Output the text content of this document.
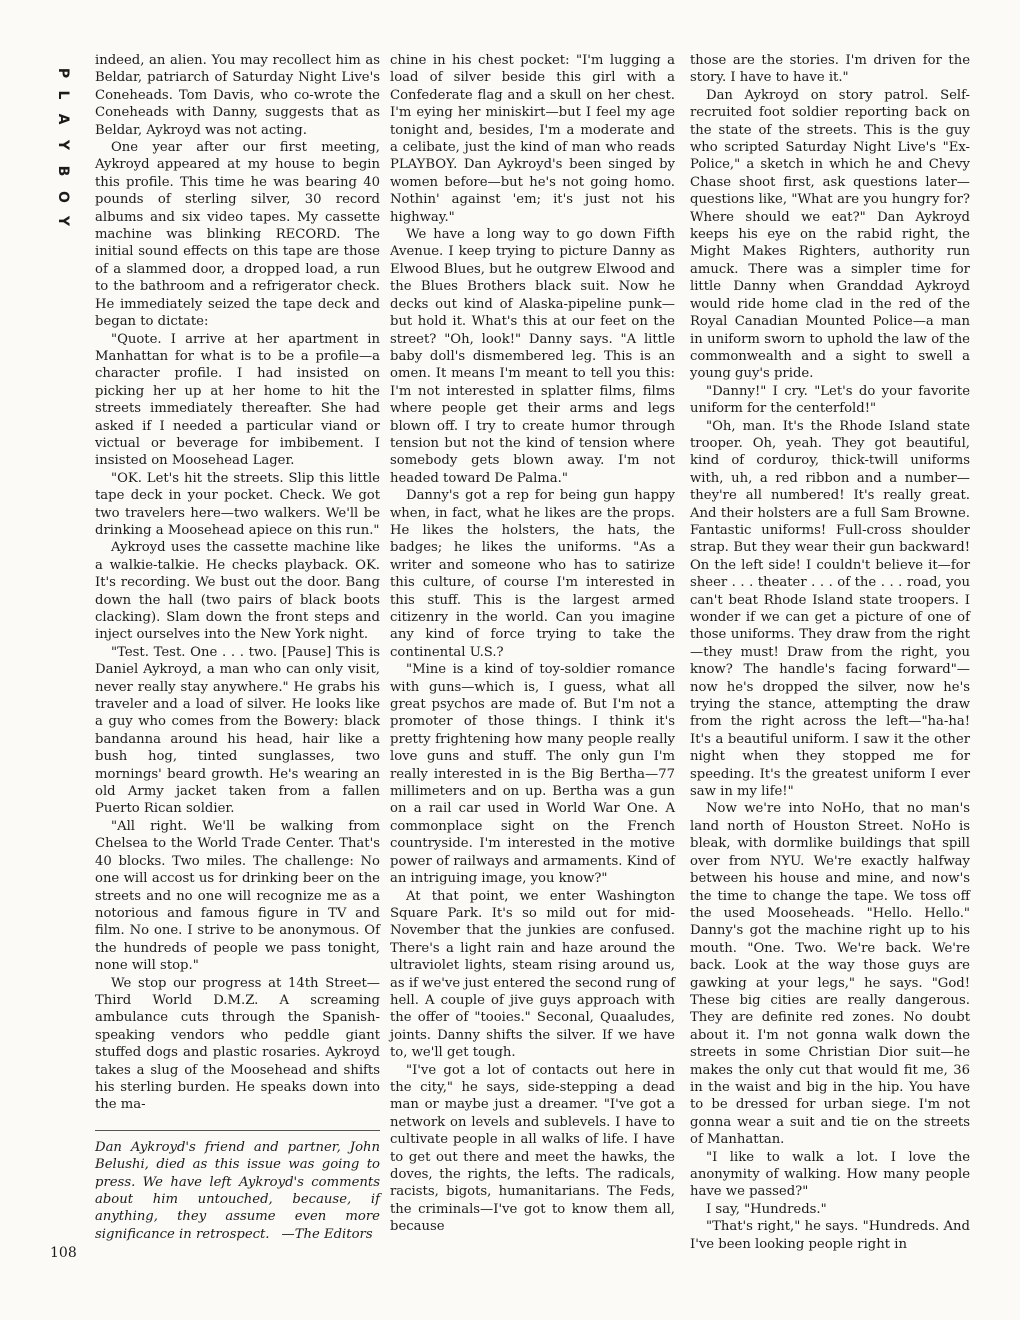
P
L
A
Y
B
O
Y

indeed, an alien. You may recollect him as Beldar, patriarch of Saturday Night Live's Coneheads. Tom Davis, who co-wrote the Coneheads with Danny, suggests that as Beldar, Aykroyd was not acting.

One year after our first meeting, Aykroyd appeared at my house to begin this profile. This time he was bearing 40 pounds of sterling silver, 30 record albums and six video tapes. My cassette machine was blinking RECORD. The initial sound effects on this tape are those of a slammed door, a dropped load, a run to the bathroom and a refrigerator check. He immediately seized the tape deck and began to dictate:

"Quote. I arrive at her apartment in Manhattan for what is to be a profile—a character profile. I had insisted on picking her up at her home to hit the streets immediately thereafter. She had asked if I needed a particular viand or victual or beverage for imbibement. I insisted on Moosehead Lager.

"OK. Let's hit the streets. Slip this little tape deck in your pocket. Check. We got two travelers here—two walkers. We'll be drinking a Moosehead apiece on this run."

Aykroyd uses the cassette machine like a walkie-talkie. He checks playback. OK. It's recording. We bust out the door. Bang down the hall (two pairs of black boots clacking). Slam down the front steps and inject ourselves into the New York night.

"Test. Test. One . . . two. [Pause] This is Daniel Aykroyd, a man who can only visit, never really stay anywhere." He grabs his traveler and a load of silver. He looks like a guy who comes from the Bowery: black bandanna around his head, hair like a bush hog, tinted sunglasses, two mornings' beard growth. He's wearing an old Army jacket taken from a fallen Puerto Rican soldier.

"All right. We'll be walking from Chelsea to the World Trade Center. That's 40 blocks. Two miles. The challenge: No one will accost us for drinking beer on the streets and no one will recognize me as a notorious and famous figure in TV and film. No one. I strive to be anonymous. Of the hundreds of people we pass tonight, none will stop."

We stop our progress at 14th Street—Third World D.M.Z. A screaming ambulance cuts through the Spanish-speaking vendors who peddle giant stuffed dogs and plastic rosaries. Aykroyd takes a slug of the Moosehead and shifts his sterling burden. He speaks down into the ma-

Dan Aykroyd's friend and partner, John Belushi, died as this issue was going to press. We have left Aykroyd's comments about him untouched, because, if anything, they assume even more significance in retrospect. —The Editors

chine in his chest pocket: "I'm lugging a load of silver beside this girl with a Confederate flag and a skull on her chest. I'm eying her miniskirt—but I feel my age tonight and, besides, I'm a moderate and a celibate, just the kind of man who reads PLAYBOY. Dan Aykroyd's been singed by women before—but he's not going homo. Nothin' against 'em; it's just not his highway."

We have a long way to go down Fifth Avenue. I keep trying to picture Danny as Elwood Blues, but he outgrew Elwood and the Blues Brothers black suit. Now he decks out kind of Alaska-pipeline punk—but hold it. What's this at our feet on the street? "Oh, look!" Danny says. "A little baby doll's dismembered leg. This is an omen. It means I'm meant to tell you this: I'm not interested in splatter films, films where people get their arms and legs blown off. I try to create humor through tension but not the kind of tension where somebody gets blown away. I'm not headed toward De Palma."

Danny's got a rep for being gun happy when, in fact, what he likes are the props. He likes the holsters, the hats, the badges; he likes the uniforms. "As a writer and someone who has to satirize this culture, of course I'm interested in this stuff. This is the largest armed citizenry in the world. Can you imagine any kind of force trying to take the continental U.S.?

"Mine is a kind of toy-soldier romance with guns—which is, I guess, what all great psychos are made of. But I'm not a promoter of those things. I think it's pretty frightening how many people really love guns and stuff. The only gun I'm really interested in is the Big Bertha—77 millimeters and on up. Bertha was a gun on a rail car used in World War One. A commonplace sight on the French countryside. I'm interested in the motive power of railways and armaments. Kind of an intriguing image, you know?"

At that point, we enter Washington Square Park. It's so mild out for mid-November that the junkies are confused. There's a light rain and haze around the ultraviolet lights, steam rising around us, as if we've just entered the second rung of hell. A couple of jive guys approach with the offer of "tooies." Seconal, Quaaludes, joints. Danny shifts the silver. If we have to, we'll get tough.

"I've got a lot of contacts out here in the city," he says, side-stepping a dead man or maybe just a dreamer. "I've got a network on levels and sublevels. I have to cultivate people in all walks of life. I have to get out there and meet the hawks, the doves, the rights, the lefts. The radicals, racists, bigots, humanitarians. The Feds, the criminals—I've got to know them all, because

those are the stories. I'm driven for the story. I have to have it."

Dan Aykroyd on story patrol. Self-recruited foot soldier reporting back on the state of the streets. This is the guy who scripted Saturday Night Live's "Ex-Police," a sketch in which he and Chevy Chase shoot first, ask questions later—questions like, "What are you hungry for? Where should we eat?" Dan Aykroyd keeps his eye on the rabid right, the Might Makes Righters, authority run amuck. There was a simpler time for little Danny when Granddad Aykroyd would ride home clad in the red of the Royal Canadian Mounted Police—a man in uniform sworn to uphold the law of the commonwealth and a sight to swell a young guy's pride.

"Danny!" I cry. "Let's do your favorite uniform for the centerfold!"

"Oh, man. It's the Rhode Island state trooper. Oh, yeah. They got beautiful, kind of corduroy, thick-twill uniforms with, uh, a red ribbon and a number—they're all numbered! It's really great. And their holsters are a full Sam Browne. Fantastic uniforms! Full-cross shoulder strap. But they wear their gun backward! On the left side! I couldn't believe it—for sheer . . . theater . . . of the . . . road, you can't beat Rhode Island state troopers. I wonder if we can get a picture of one of those uniforms. They draw from the right—they must! Draw from the right, you know? The handle's facing forward"—now he's dropped the silver, now he's trying the stance, attempting the draw from the right across the left—"ha-ha! It's a beautiful uniform. I saw it the other night when they stopped me for speeding. It's the greatest uniform I ever saw in my life!"

Now we're into NoHo, that no man's land north of Houston Street. NoHo is bleak, with dormlike buildings that spill over from NYU. We're exactly halfway between his house and mine, and now's the time to change the tape. We toss off the used Mooseheads. "Hello. Hello." Danny's got the machine right up to his mouth. "One. Two. We're back. We're back. Look at the way those guys are gawking at your legs," he says. "God! These big cities are really dangerous. They are definite red zones. No doubt about it. I'm not gonna walk down the streets in some Christian Dior suit—he makes the only cut that would fit me, 36 in the waist and big in the hip. You have to be dressed for urban siege. I'm not gonna wear a suit and tie on the streets of Manhattan.

"I like to walk a lot. I love the anonymity of walking. How many people have we passed?"

I say, "Hundreds."

"That's right," he says. "Hundreds. And I've been looking people right in

108
